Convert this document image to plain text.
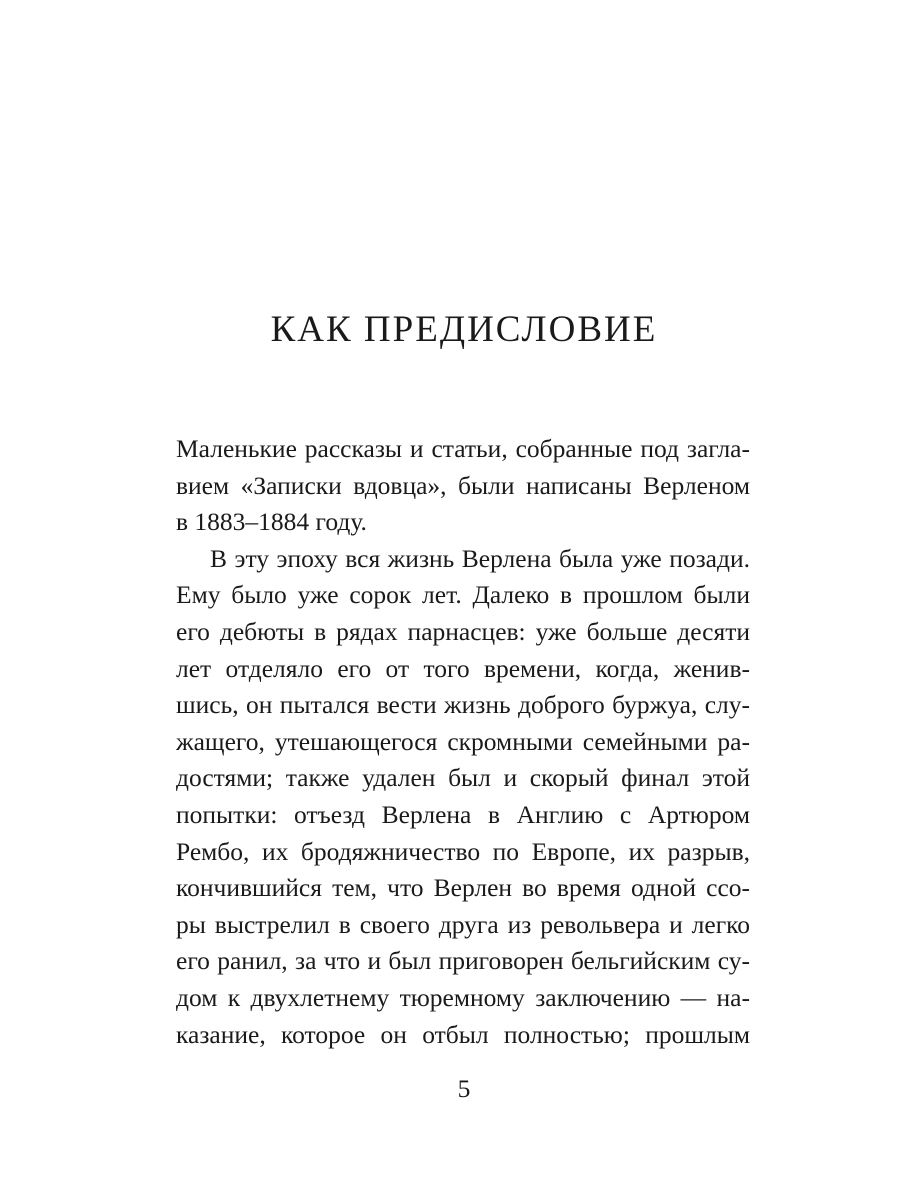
КАК ПРЕДИСЛОВИЕ
Маленькие рассказы и статьи, собранные под загла-
вием «Записки вдовца», были написаны Верленом
в 1883–1884 году.
В эту эпоху вся жизнь Верлена была уже позади.
Ему было уже сорок лет. Далеко в прошлом были
его дебюты в рядах парнасцев: уже больше десяти
лет отделяло его от того времени, когда, женив-
шись, он пытался вести жизнь доброго буржуа, слу-
жащего, утешающегося скромными семейными ра-
достями; также удален был и скорый финал этой
попытки: отъезд Верлена в Англию с Артюром
Рембо, их бродяжничество по Европе, их разрыв,
кончившийся тем, что Верлен во время одной ссо-
ры выстрелил в своего друга из револьвера и легко
его ранил, за что и был приговорен бельгийским су-
дом к двухлетнему тюремному заключению — на-
казание, которое он отбыл полностью; прошлым
5
